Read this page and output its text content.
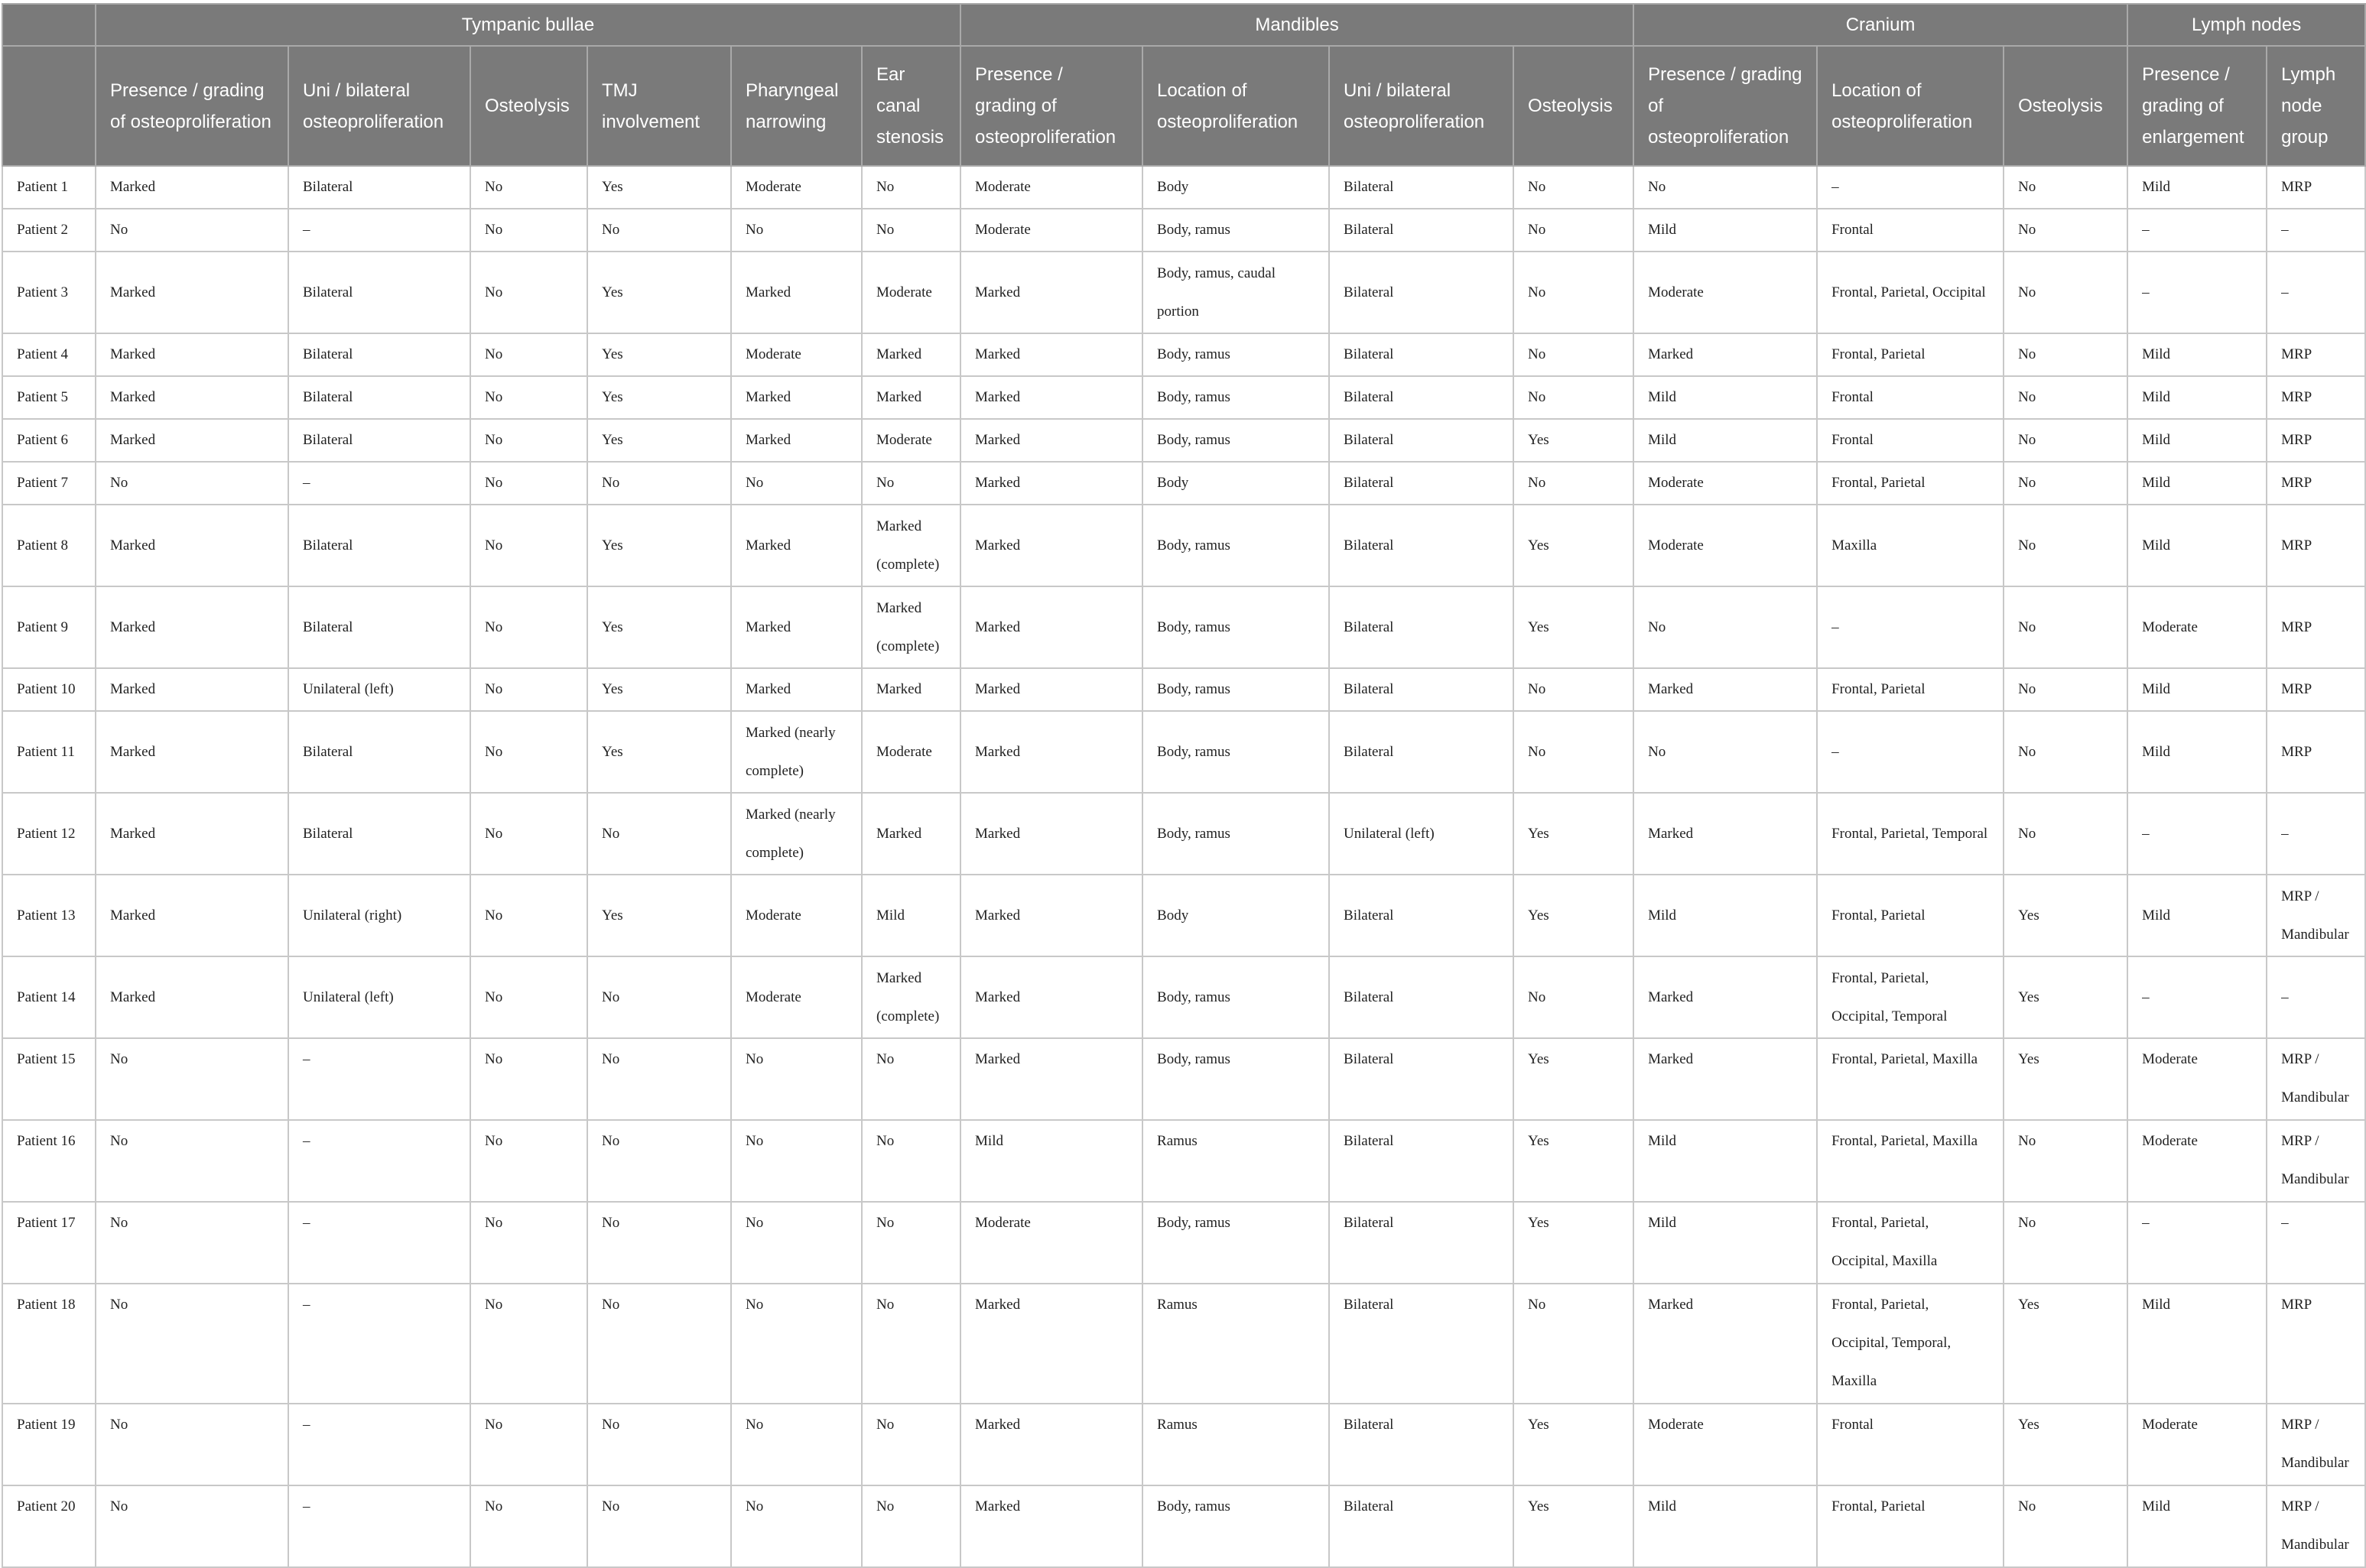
	Tympanic bullae						Mandibles				Cranium			Lymph nodes	
	Presence / grading of osteoproliferation	Uni / bilateral osteoproliferation	Osteolysis	TMJ involvement	Pharyngeal narrowing	Ear canal stenosis	Presence / grading of osteoproliferation	Location of osteoproliferation	Uni / bilateral osteoproliferation	Osteolysis	Presence / grading of osteoproliferation	Location of osteoproliferation	Osteolysis	Presence / grading of enlargement	Lymph node group
Patient 1	Marked	Bilateral	No	Yes	Moderate	No	Moderate	Body	Bilateral	No	No	–	No	Mild	MRP
Patient 2	No	–	No	No	No	No	Moderate	Body, ramus	Bilateral	No	Mild	Frontal	No	–	–
Patient 3	Marked	Bilateral	No	Yes	Marked	Moderate	Marked	Body, ramus, caudal portion	Bilateral	No	Moderate	Frontal, Parietal, Occipital	No	–	–
Patient 4	Marked	Bilateral	No	Yes	Moderate	Marked	Marked	Body, ramus	Bilateral	No	Marked	Frontal, Parietal	No	Mild	MRP
Patient 5	Marked	Bilateral	No	Yes	Marked	Marked	Marked	Body, ramus	Bilateral	No	Mild	Frontal	No	Mild	MRP
Patient 6	Marked	Bilateral	No	Yes	Marked	Moderate	Marked	Body, ramus	Bilateral	Yes	Mild	Frontal	No	Mild	MRP
Patient 7	No	–	No	No	No	No	Marked	Body	Bilateral	No	Moderate	Frontal, Parietal	No	Mild	MRP
Patient 8	Marked	Bilateral	No	Yes	Marked	Marked (complete)	Marked	Body, ramus	Bilateral	Yes	Moderate	Maxilla	No	Mild	MRP
Patient 9	Marked	Bilateral	No	Yes	Marked	Marked (complete)	Marked	Body, ramus	Bilateral	Yes	No	–	No	Moderate	MRP
Patient 10	Marked	Unilateral (left)	No	Yes	Marked	Marked	Marked	Body, ramus	Bilateral	No	Marked	Frontal, Parietal	No	Mild	MRP
Patient 11	Marked	Bilateral	No	Yes	Marked (nearly complete)	Moderate	Marked	Body, ramus	Bilateral	No	No	–	No	Mild	MRP
Patient 12	Marked	Bilateral	No	No	Marked (nearly complete)	Marked	Marked	Body, ramus	Unilateral (left)	Yes	Marked	Frontal, Parietal, Temporal	No	–	–
Patient 13	Marked	Unilateral (right)	No	Yes	Moderate	Mild	Marked	Body	Bilateral	Yes	Mild	Frontal, Parietal	Yes	Mild	MRP / Mandibular
Patient 14	Marked	Unilateral (left)	No	No	Moderate	Marked (complete)	Marked	Body, ramus	Bilateral	No	Marked	Frontal, Parietal, Occipital, Temporal	Yes	–	–
Patient 15	No	–	No	No	No	No	Marked	Body, ramus	Bilateral	Yes	Marked	Frontal, Parietal, Maxilla	Yes	Moderate	MRP / Mandibular
Patient 16	No	–	No	No	No	No	Mild	Ramus	Bilateral	Yes	Mild	Frontal, Parietal, Maxilla	No	Moderate	MRP / Mandibular
Patient 17	No	–	No	No	No	No	Moderate	Body, ramus	Bilateral	Yes	Mild	Frontal, Parietal, Occipital, Maxilla	No	–	–
Patient 18	No	–	No	No	No	No	Marked	Ramus	Bilateral	No	Marked	Frontal, Parietal, Occipital, Temporal, Maxilla	Yes	Mild	MRP
Patient 19	No	–	No	No	No	No	Marked	Ramus	Bilateral	Yes	Moderate	Frontal	Yes	Moderate	MRP / Mandibular
Patient 20	No	–	No	No	No	No	Marked	Body, ramus	Bilateral	Yes	Mild	Frontal, Parietal	No	Mild	MRP / Mandibular
